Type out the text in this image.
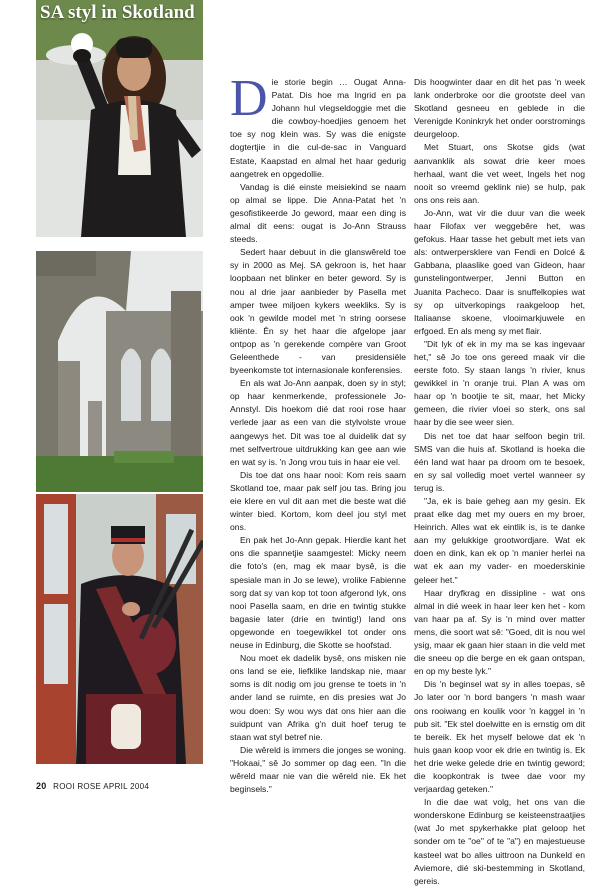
SA styl in Skotland

Die storie begin … Ougat Anna-Patat. Dis hoe ma Ingrid en pa Johann hul vlegseldoggie met die die cowboy-hoedjies genoem het toe sy nog klein was. Sy was die enigste dogtertjie in die cul-de-sac in Vanguard Estate, Kaapstad en almal het haar gedurig aangetrek en opgedollie.

Vandag is dié einste meisiekind se naam op almal se lippe. Die Anna-Patat het 'n gesofistikeerde Jo geword, maar een ding is almal dit eens: ougat is Jo-Ann Strauss steeds.

Sedert haar debuut in die glanswêreld toe sy in 2000 as Mej. SA gekroon is, het haar loopbaan net blinker en beter geword. Sy is nou al drie jaar aanbieder by Pasella met amper twee miljoen kykers weekliks. Sy is ook 'n gewilde model met 'n string oorsese kliënte. Ên sy het haar die afgelope jaar ontpop as 'n gerekende compère van Groot Geleenthede - van presidensiële byeenkomste tot internasionale konferensies.

En als wat Jo-Ann aanpak, doen sy in styl; op haar kenmerkende, professionele Jo-Annstyl. Dis hoekom dié dat rooi rose haar verlede jaar as een van die stylvolste vroue aangewys het. Dit was toe al duidelik dat sy met selfvertroue uitdrukking kan gee aan wie en wat sy is. 'n Jong vrou tuis in haar eie vel.

Dis toe dat ons haar nooi: Kom reis saam Skotland toe, maar pak self jou tas. Bring jou eie klere en vul dit aan met die beste wat dié winter bied. Kortom, kom deel jou styl met ons.

En pak het Jo-Ann gepak. Hierdie kant het ons die spannetjie saamgestel: Micky neem die foto's (en, mag ek maar bysê, is die spesiale man in Jo se lewe), vrolike Fabienne sorg dat sy van kop tot toon afgerond lyk, ons nooi Pasella saam, en drie en twintig stukke bagasie later (drie en twintig!) land ons opgewonde en toegewikkel tot onder ons neuse in Edinburg, die Skotte se hoofstad.

Nou moet ek dadelik bysê, ons misken nie ons land se eie, liefklike landskap nie, maar soms is dit nodig om jou grense te toets in 'n ander land se ruimte, en dis presies wat Jo wou doen: Sy wou wys dat ons hier aan die suidpunt van Afrika g'n duit hoef terug te staan wat styl betref nie.

Die wêreld is immers die jonges se woning. "Hokaai," sê Jo sommer op dag een. "In die wêreld maar nie van die wêreld nie. Ek het beginsels."

Dis hoogwinter daar en dit het pas 'n week lank onderbroke oor die grootste deel van Skotland gesneeu en geblede in die Verenigde Koninkryk het onder oorstromings deurgeloop.

Met Stuart, ons Skotse gids (wat aanvanklik als sowat drie keer moes herhaal, want die vet weet, Ingels het nog nooit so vreemd geklink nie) se hulp, pak ons ons reis aan.

Jo-Ann, wat vir die duur van die week haar Filofax ver weggebêre het, was gefokus. Haar tasse het gebult met iets van als: ontwerpersklere van Fendi en Dolcé & Gabbana, plaaslike goed van Gideon, haar gunstelingontwerper, Jenni Button en Juanita Pacheco. Daar is snuffelkopies wat sy op uitverkopings raakgeloop het, Italiaanse skoene, vlooimarkjuwele en erfgoed. En als meng sy met flair.

"Dit lyk of ek in my ma se kas ingevaar het," sê Jo toe ons gereed maak vir die eerste foto. Sy staan langs 'n rivier, knus gewikkel in 'n oranje trui. Plan A was om haar op 'n bootjie te sit, maar, het Micky gemeen, die rivier vloei so sterk, ons sal haar by die see weer sien.

Dis net toe dat haar selfoon begin tril. SMS van die huis af. Skotland is hoeka die één land wat haar pa droom om te besoek, en sy sal volledig moet vertel wanneer sy terug is.

"Ja, ek is baie geheg aan my gesin. Ek praat elke dag met my ouers en my broer, Heinrich. Alles wat ek eintlik is, is te danke aan my gelukkige grootwordjare. Wat ek doen en dink, kan ek op 'n manier herlei na wat ek aan my vader- en moederskinie geleer het."

Haar dryfkrag en dissipline - wat ons almal in dié week in haar leer ken het - kom van haar pa af. Sy is 'n mind over matter mens, die soort wat sê: "Goed, dit is nou wel ysig, maar ek gaan hier staan in die veld met die sneeu op die berge en ek gaan ontspan, en op my beste lyk."

Dis 'n beginsel wat sy in alles toepas, sê Jo later oor 'n bord bangers 'n mash waar ons rooiwang en koulik voor 'n kaggel in 'n pub sit. "Ek stel doelwitte en is ernstig om dit te bereik. Ek het myself belowe dat ek 'n huis gaan koop voor ek drie en twintig is. Ek het drie weke gelede drie en twintig geword; die koopkontrak is twee dae voor my verjaardag geteken."

In die dae wat volg, het ons van die wonderskone Edinburg se keisteenstraatjies (wat Jo met spykerhakke plat geloop het sonder om te "oe" of te "a") en majestueuse kasteel wat bo alles uittroon na Dunkeld en Aviemore, dié ski-bestemming in Skotland, gereis.

20 ROOI ROSE APRIL 2004
